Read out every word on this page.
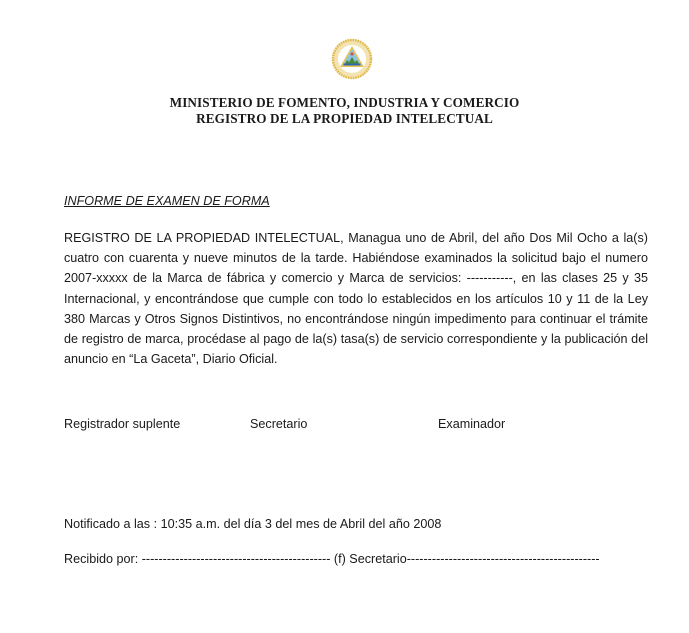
MINISTERIO DE FOMENTO, INDUSTRIA Y COMERCIO
REGISTRO DE LA PROPIEDAD INTELECTUAL
INFORME DE EXAMEN DE FORMA
REGISTRO DE LA PROPIEDAD INTELECTUAL, Managua uno de Abril, del año Dos Mil Ocho a la(s) cuatro con cuarenta y nueve minutos de la tarde. Habiéndose examinados la solicitud bajo el numero 2007-xxxxx de la Marca de fábrica y comercio y Marca de servicios: -----------, en las clases 25 y 35 Internacional, y encontrándose que cumple con todo lo establecidos en los artículos 10 y 11 de la Ley 380 Marcas y Otros Signos Distintivos, no encontrándose ningún impedimento para continuar el trámite de registro de marca, procédase al pago de la(s) tasa(s) de servicio correspondiente y la publicación del anuncio en “La Gaceta”, Diario Oficial.
Registrador suplente	Secretario	Examinador
Notificado a las : 10:35 a.m. del día 3 del mes de Abril del año 2008
Recibido por: --------------------------------------------- (f) Secretario----------------------------------------------
